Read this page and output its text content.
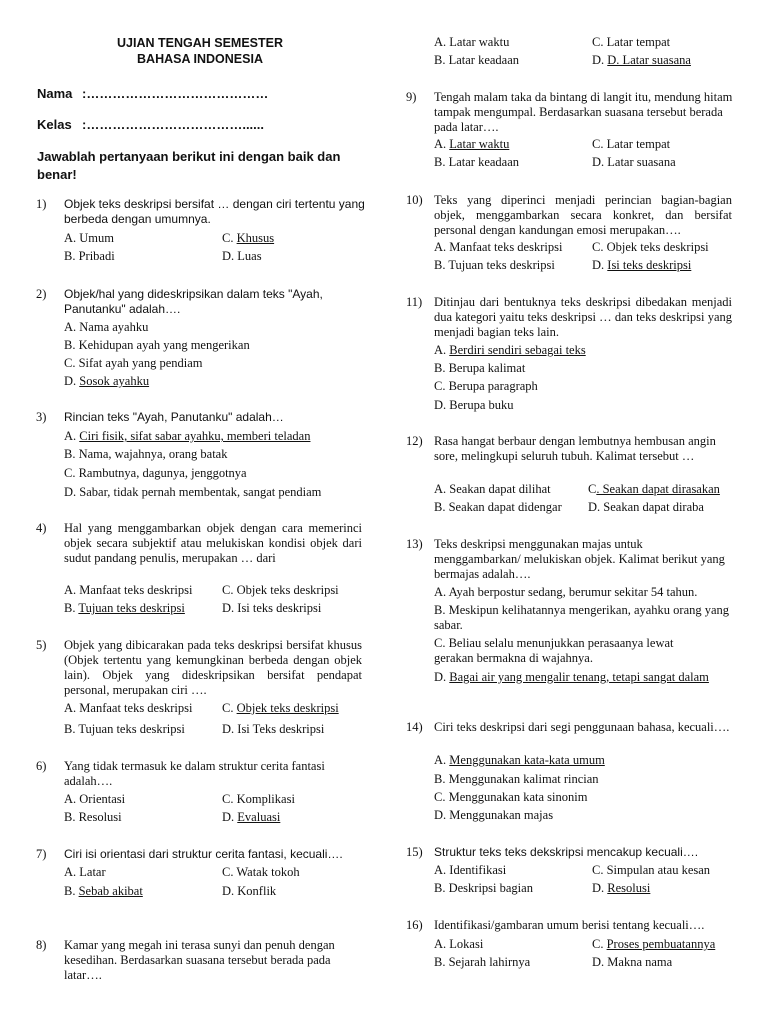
UJIAN TENGAH SEMESTER
BAHASA INDONESIA
Nama :……………………………………
Kelas :………………………………......
Jawablah pertanyaan berikut ini dengan baik dan benar!
1)	Objek teks deskripsi bersifat … dengan ciri tertentu yang berbeda dengan umumnya.
A. Umum	C. Khusus
B. Pribadi	D. Luas
2)	Objek/hal yang dideskripsikan dalam teks "Ayah, Panutanku" adalah….
A. Nama ayahku
B. Kehidupan ayah yang mengerikan
C. Sifat ayah yang pendiam
D. Sosok ayahku
3)	Rincian teks "Ayah, Panutanku" adalah…
A. Ciri fisik, sifat sabar ayahku, memberi teladan
B. Nama, wajahnya, orang batak
C. Rambutnya, dagunya, jenggotnya
D. Sabar, tidak pernah membentak, sangat pendiam
4)	Hal yang menggambarkan objek dengan cara memerinci objek secara subjektif atau melukiskan kondisi objek dari sudut pandang penulis, merupakan … dari
A. Manfaat teks deskripsi C. Objek teks deskripsi
B. Tujuan teks deskripsi	D. Isi teks deskripsi
5)	Objek yang dibicarakan pada teks deskripsi bersifat khusus (Objek tertentu yang kemungkinan berbeda dengan objek lain). Objek yang dideskripsikan bersifat pendapat personal, merupakan ciri ….
A. Manfaat teks deskripsi C. Objek teks deskripsi
B. Tujuan teks deskripsi	D. Isi Teks deskripsi
6)	Yang tidak termasuk ke dalam struktur cerita fantasi adalah….
A. Orientasi	C. Komplikasi
B. Resolusi	D. Evaluasi
7)	Ciri isi orientasi dari struktur cerita fantasi, kecuali….
A. Latar	C. Watak tokoh
B. Sebab akibat	D. Konflik
8)	Kamar yang megah ini terasa sunyi dan penuh dengan kesedihan. Berdasarkan suasana tersebut berada pada latar….
A. Latar waktu	C. Latar tempat
B. Latar keadaan	D. D. Latar suasana
9)	Tengah malam taka da bintang di langit itu, mendung hitam tampak mengumpal. Berdasarkan suasana tersebut berada pada latar….
A. Latar waktu	C. Latar tempat
B. Latar keadaan	D. Latar suasana
10) Teks yang diperinci menjadi perincian bagian-bagian objek, menggambarkan secara konkret, dan bersifat personal dengan kandungan emosi merupakan….
A. Manfaat teks deskripsi C. Objek teks deskripsi
B. Tujuan teks deskripsi	D. Isi teks deskripsi
11) Ditinjau dari bentuknya teks deskripsi dibedakan menjadi dua kategori yaitu teks deskripsi … dan teks deskripsi yang menjadi bagian teks lain.
A. Berdiri sendiri sebagai teks
B. Berupa kalimat
C. Berupa paragraph
D. Berupa buku
12) Rasa hangat berbaur dengan lembutnya hembusan angin sore, melingkupi seluruh tubuh. Kalimat tersebut …
A. Seakan dapat dilihat	C. Seakan dapat dirasakan
B. Seakan dapat didengar D. Seakan dapat diraba
13) Teks deskripsi menggunakan majas untuk menggambarkan/ melukiskan objek. Kalimat berikut yang bermajas adalah….
A. Ayah berpostur sedang, berumur sekitar 54 tahun.
B. Meskipun kelihatannya mengerikan, ayahku orang yang sabar.
C. Beliau selalu menunjukkan perasaanya lewat gerakan bermakna di wajahnya.
D. Bagai air yang mengalir tenang, tetapi sangat dalam
14) Ciri teks deskripsi dari segi penggunaan bahasa, kecuali….
A. Menggunakan kata-kata umum
B. Menggunakan kalimat rincian
C. Menggunakan kata sinonim
D. Menggunakan majas
15) Struktur teks teks dekskripsi mencakup kecuali….
A. Identifikasi	C. Simpulan atau kesan
B. Deskripsi bagian	D. Resolusi
16) Identifikasi/gambaran umum berisi tentang kecuali….
A. Lokasi	C. Proses pembuatannya
B. Sejarah lahirnya	D. Makna nama
